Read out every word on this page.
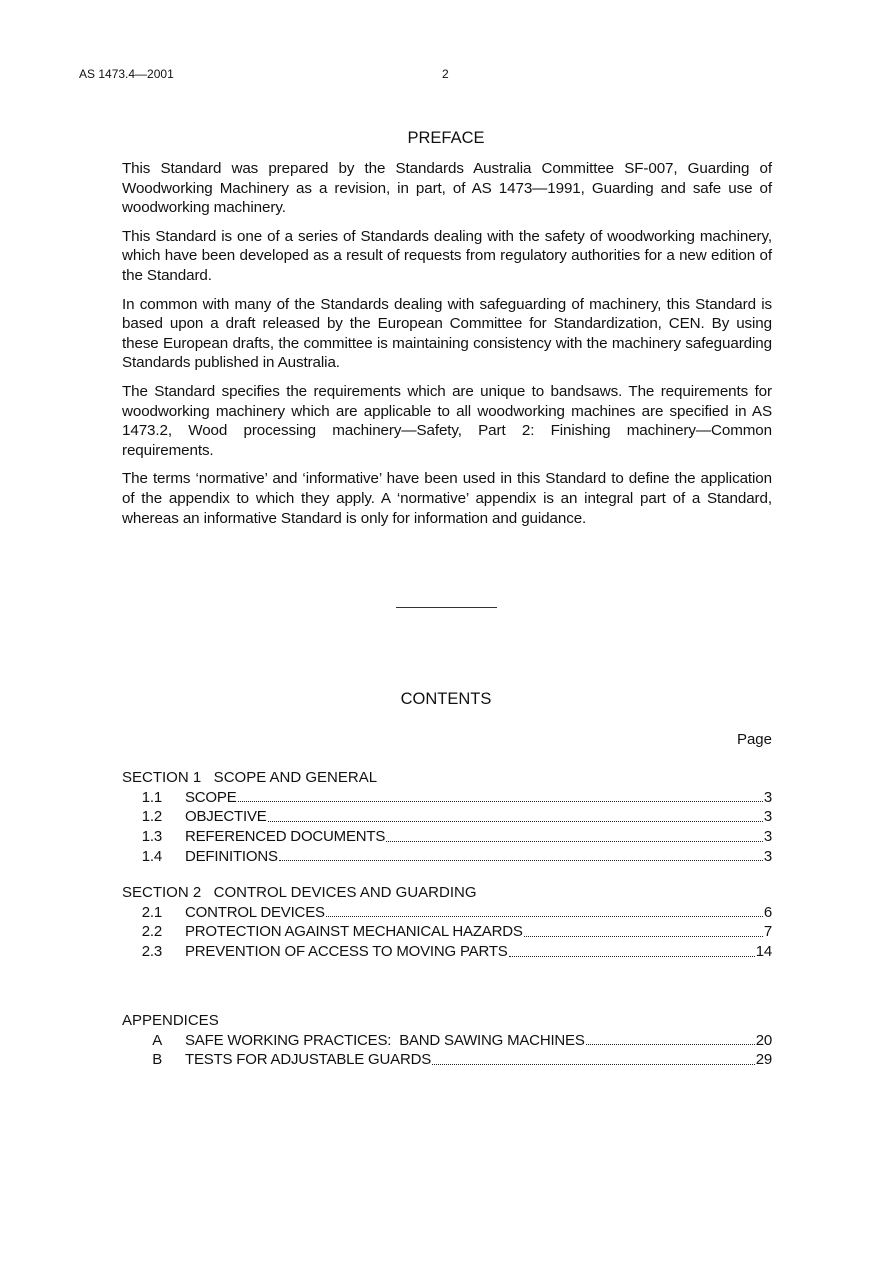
AS 1473.4—2001	2
PREFACE

This Standard was prepared by the Standards Australia Committee SF-007, Guarding of Woodworking Machinery as a revision, in part, of AS 1473—1991, Guarding and safe use of woodworking machinery.

This Standard is one of a series of Standards dealing with the safety of woodworking machinery, which have been developed as a result of requests from regulatory authorities for a new edition of the Standard.

In common with many of the Standards dealing with safeguarding of machinery, this Standard is based upon a draft released by the European Committee for Standardization, CEN. By using these European drafts, the committee is maintaining consistency with the machinery safeguarding Standards published in Australia.

The Standard specifies the requirements which are unique to bandsaws. The requirements for woodworking machinery which are applicable to all woodworking machines are specified in AS 1473.2, Wood processing machinery—Safety, Part 2: Finishing machinery—Common requirements.

The terms ‘normative’ and ‘informative’ have been used in this Standard to define the application of the appendix to which they apply. A ‘normative’ appendix is an integral part of a Standard, whereas an informative Standard is only for information and guidance.

CONTENTS
Page
SECTION 1   SCOPE AND GENERAL
1.1	SCOPE	3
1.2	OBJECTIVE	3
1.3	REFERENCED DOCUMENTS	3
1.4	DEFINITIONS	3
SECTION 2   CONTROL DEVICES AND GUARDING
2.1	CONTROL DEVICES	6
2.2	PROTECTION AGAINST MECHANICAL HAZARDS	7
2.3	PREVENTION OF ACCESS TO MOVING PARTS	14
APPENDICES
A	SAFE WORKING PRACTICES:  BAND SAWING MACHINES	20
B	TESTS FOR ADJUSTABLE GUARDS	29
